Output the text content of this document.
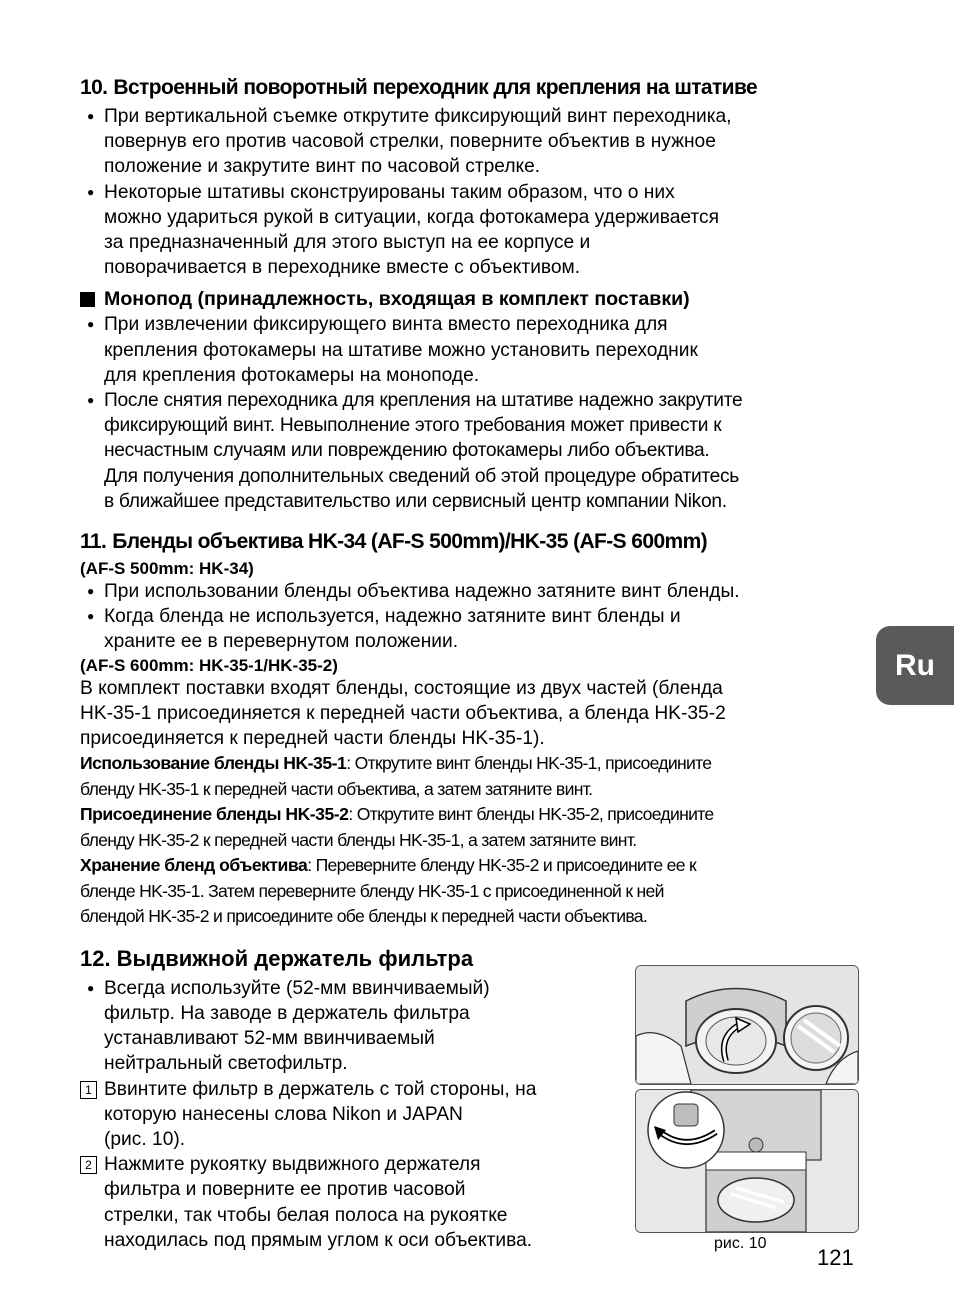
10. Встроенный поворотный переходник для крепления на штативе
● При вертикальной съемке открутите фиксирующий винт переходника,
повернув его против часовой стрелки, поверните объектив в нужное
положение и закрутите винт по часовой стрелке.
● Некоторые штативы сконструированы таким образом, что о них
можно удариться рукой в ситуации, когда фотокамера удерживается
за предназначенный для этого выступ на ее корпусе и
поворачивается в переходнике вместе с объективом.
Монопод (принадлежность, входящая в комплект поставки)
● При извлечении фиксирующего винта вместо переходника для
крепления фотокамеры на штативе можно установить переходник
для крепления фотокамеры на моноподе.
● После снятия переходника для крепления на штативе надежно закрутите
фиксирующий винт. Невыполнение этого требования может привести к
несчастным случаям или повреждению фотокамеры либо объектива.
Для получения дополнительных сведений об этой процедуре обратитесь
в ближайшее представительство или сервисный центр компании Nikon.
11. Бленды объектива HK-34 (AF-S 500mm)/HK-35 (AF-S 600mm)
(AF-S 500mm: HK-34)
● При использовании бленды объектива надежно затяните винт бленды.
● Когда бленда не используется, надежно затяните винт бленды и
храните ее в перевернутом положении.
(AF-S 600mm: HK-35-1/HK-35-2)
В комплект поставки входят бленды, состоящие из двух частей (бленда
HK-35-1 присоединяется к передней части объектива, а бленда HK-35-2
присоединяется к передней части бленды HK-35-1).
Использование бленды HK-35-1: Открутите винт бленды HK-35-1, присоедините
бленду HK-35-1 к передней части объектива, а затем затяните винт.
Присоединение бленды HK-35-2: Открутите винт бленды HK-35-2, присоедините
бленду HK-35-2 к передней части бленды HK-35-1, а затем затяните винт.
Хранение бленд объектива: Переверните бленду HK-35-2 и присоедините ее к
бленде HK-35-1. Затем переверните бленду HK-35-1 с присоединенной к ней
блендой HK-35-2 и присоедините обе бленды к передней части объектива.
12. Выдвижной держатель фильтра
● Всегда используйте (52-мм ввинчиваемый)
фильтр. На заводе в держатель фильтра
устанавливают 52-мм ввинчиваемый
нейтральный светофильтр.
1 Ввинтите фильтр в держатель с той стороны, на
которую нанесены слова Nikon и JAPAN
(рис. 10).
2 Нажмите рукоятку выдвижного держателя
фильтра и поверните ее против часовой
стрелки, так чтобы белая полоса на рукоятке
находилась под прямым углом к оси объектива.
Ru
рис. 10
121
